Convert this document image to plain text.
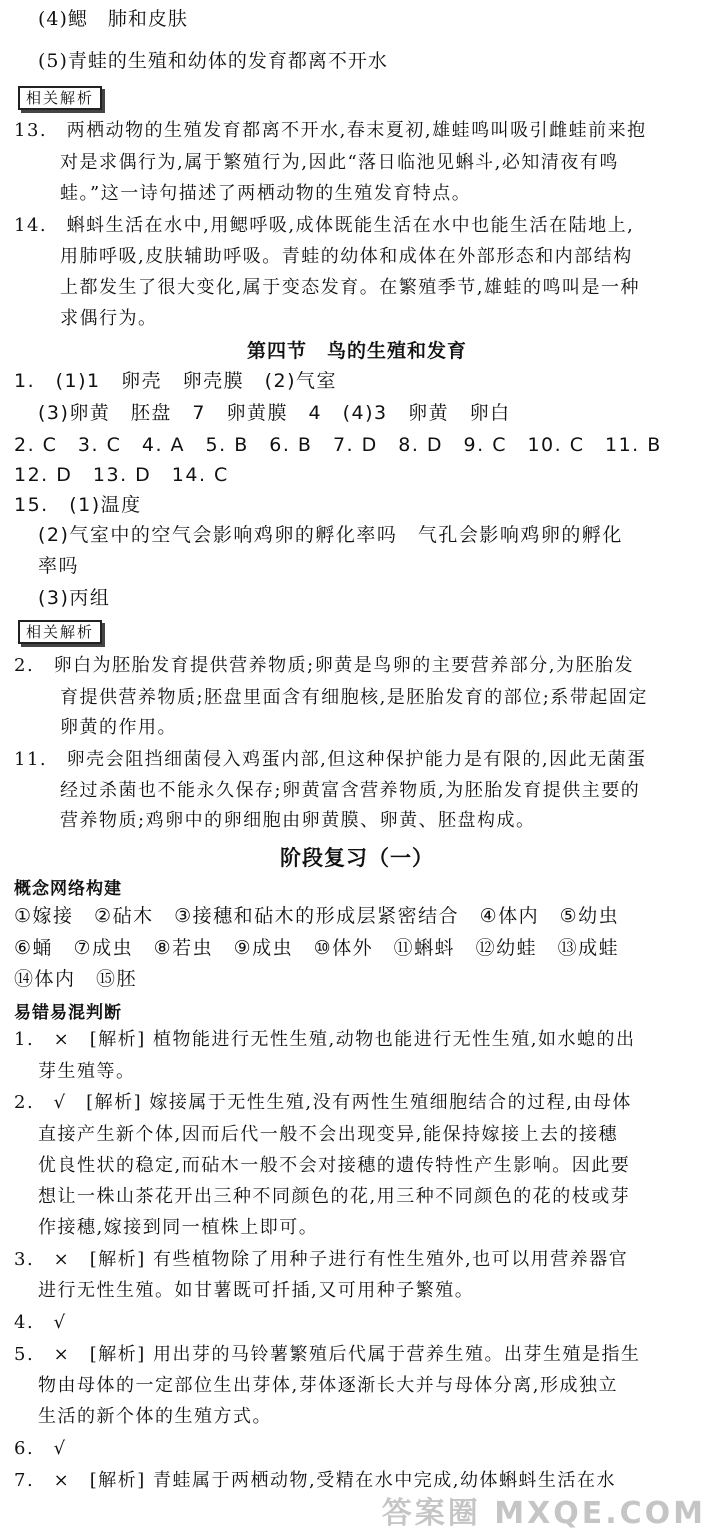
(4)鳃　肺和皮肤
(5)青蛙的生殖和幼体的发育都离不开水
相关解析
13.　两栖动物的生殖发育都离不开水,春末夏初,雄蛙鸣叫吸引雌蛙前来抱
对是求偶行为,属于繁殖行为,因此“落日临池见蝌斗,必知清夜有鸣
蛙。”这一诗句描述了两栖动物的生殖发育特点。
14.　蝌蚪生活在水中,用鳃呼吸,成体既能生活在水中也能生活在陆地上,
用肺呼吸,皮肤辅助呼吸。青蛙的幼体和成体在外部形态和内部结构
上都发生了很大变化,属于变态发育。在繁殖季节,雄蛙的鸣叫是一种
求偶行为。
第四节　鸟的生殖和发育
1.　(1)1　卵壳　卵壳膜　(2)气室
(3)卵黄　胚盘　7　卵黄膜　4　(4)3　卵黄　卵白
2. C　3. C　4. A　5. B　6. B　7. D　8. D　9. C　10. C　11. B
12. D　13. D　14. C
15.　(1)温度
(2)气室中的空气会影响鸡卵的孵化率吗　气孔会影响鸡卵的孵化
率吗
(3)丙组
相关解析
2.　卵白为胚胎发育提供营养物质;卵黄是鸟卵的主要营养部分,为胚胎发
育提供营养物质;胚盘里面含有细胞核,是胚胎发育的部位;系带起固定
卵黄的作用。
11.　卵壳会阻挡细菌侵入鸡蛋内部,但这种保护能力是有限的,因此无菌蛋
经过杀菌也不能永久保存;卵黄富含营养物质,为胚胎发育提供主要的
营养物质;鸡卵中的卵细胞由卵黄膜、卵黄、胚盘构成。
阶段复习（一）
概念网络构建
①嫁接　②砧木　③接穗和砧木的形成层紧密结合　④体内　⑤幼虫
⑥蛹　⑦成虫　⑧若虫　⑨成虫　⑩体外　⑪蝌蚪　⑫幼蛙　⑬成蛙
⑭体内　⑮胚
易错易混判断
1.　×　[解析] 植物能进行无性生殖,动物也能进行无性生殖,如水螅的出
芽生殖等。
2.　√　[解析] 嫁接属于无性生殖,没有两性生殖细胞结合的过程,由母体
直接产生新个体,因而后代一般不会出现变异,能保持嫁接上去的接穗
优良性状的稳定,而砧木一般不会对接穗的遗传特性产生影响。因此要
想让一株山茶花开出三种不同颜色的花,用三种不同颜色的花的枝或芽
作接穗,嫁接到同一植株上即可。
3.　×　[解析] 有些植物除了用种子进行有性生殖外,也可以用营养器官
进行无性生殖。如甘薯既可扦插,又可用种子繁殖。
4.　√
5.　×　[解析] 用出芽的马铃薯繁殖后代属于营养生殖。出芽生殖是指生
物由母体的一定部位生出芽体,芽体逐渐长大并与母体分离,形成独立
生活的新个体的生殖方式。
6.　√
7.　×　[解析] 青蛙属于两栖动物,受精在水中完成,幼体蝌蚪生活在水
答案圈 MXQE.COM
